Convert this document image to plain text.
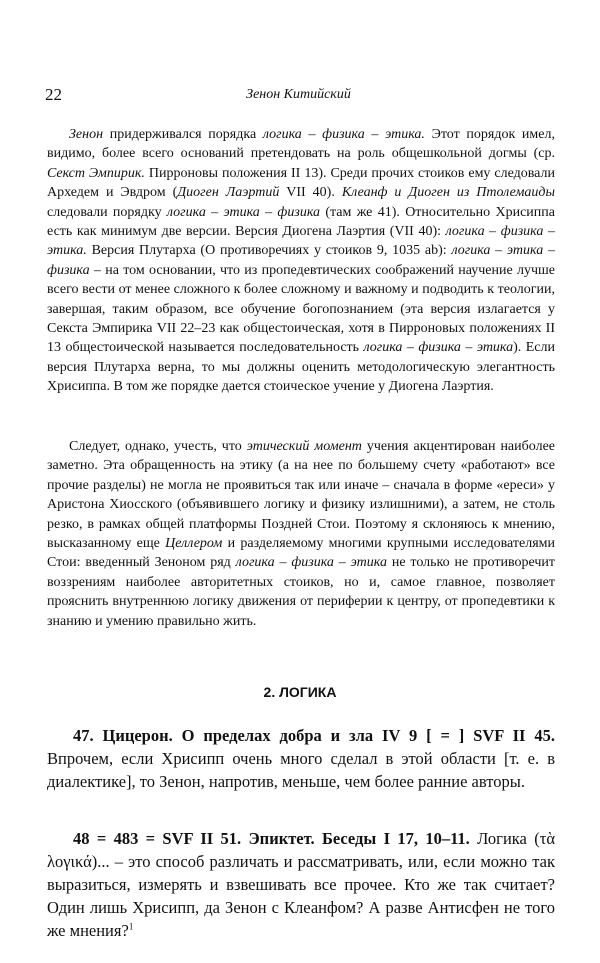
22	Зенон Китийский

Зенон придерживался порядка логика – физика – этика. Этот порядок имел, видимо, более всего оснований претендовать на роль общешкольной догмы (ср. Секст Эмпирик. Пирроновы положения II 13). Среди прочих стоиков ему следовали Архедем и Эвдром (Диоген Лаэртий VII 40). Клеанф и Диоген из Птолемаиды следовали порядку логика – этика – физика (там же 41). Относительно Хрисиппа есть как минимум две версии. Версия Диогена Лаэртия (VII 40): логика – физика – этика. Версия Плутарха (О противоречиях у стоиков 9, 1035 ab): логика – этика – физика – на том основании, что из пропедевтических соображений научение лучше всего вести от менее сложного к более сложному и важному и подводить к теологии, завершая, таким образом, все обучение богопознанием (эта версия излагается у Секста Эмпирика VII 22–23 как общестоическая, хотя в Пирроновых положениях II 13 общестоической называется последовательность логика – физика – этика). Если версия Плутарха верна, то мы должны оценить методологическую элегантность Хрисиппа. В том же порядке дается стоическое учение у Диогена Лаэртия.

Следует, однако, учесть, что этический момент учения акцентирован наиболее заметно. Эта обращенность на этику (а на нее по большему счету «работают» все прочие разделы) не могла не проявиться так или иначе – сначала в форме «ереси» у Аристона Хиосского (объявившего логику и физику излишними), а затем, не столь резко, в рамках общей платформы Поздней Стои. Поэтому я склоняюсь к мнению, высказанному еще Целлером и разделяемому многими крупными исследователями Стои: введенный Зеноном ряд логика – физика – этика не только не противоречит воззрениям наиболее авторитетных стоиков, но и, самое главное, позволяет прояснить внутреннюю логику движения от периферии к центру, от пропедевтики к знанию и умению правильно жить.

2. ЛОГИКА

47. Цицерон. О пределах добра и зла IV 9 [ = ] SVF II 45. Впрочем, если Хрисипп очень много сделал в этой области [т. е. в диалектике], то Зенон, напротив, меньше, чем более ранние авторы.

48 = 483 = SVF II 51. Эпиктет. Беседы I 17, 10–11. Логика (τὰ λογικά)... – это способ различать и рассматривать, или, если можно так выразиться, измерять и взвешивать все прочее. Кто же так считает? Один лишь Хрисипп, да Зенон с Клеанфом? А разве Антисфен не того же мнения?$^1$
